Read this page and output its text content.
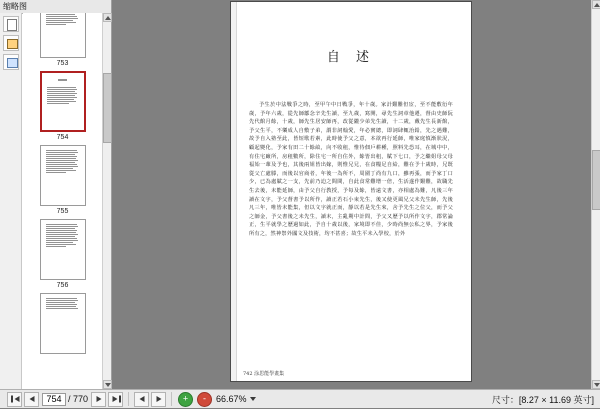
缩略图
753
754
755
756
自 述

予生於中法戰爭之時，至甲午中日戰爭，年十歲。家計艱難但宦，至不能敷衍年歲，予年六歲，從先師鄒念辛先生讀，至九歲，寫開，尋先生詞章他遷，督由史師阮先代館月餘，十歲，師先生居安師再，改從隴少弟先生讀，十二歲，戴先生長新館，予父生平，不樂成人自敷子弟，謂非詞翰愛，年必實總，即詞肆輒治鉛，先之遇難，故予自入塾至此，皆短歌若素，此時使予父之意，本欲再行延師，唯家庭慎渐狀況，顧起變化，予家有田二十餘畝，向不收租，惟待佃戶耕種，照料先恐耳，在城中中，有住宅廠所，房租數所，除住宅一所自住外，餘皆出租，賦下七口，予之繼姐母父母福始一輩及予也，其後兩姐皆出嫁，則惟兄兄，在食糧足自給，難在予十歲時，兄既從父亡處滕，而後以官商者，年後一為所不，周圍丁尚有九口，雖再張，而予家丁口少，已為處賦之一支，先前乃迫之間間，自此食常難增一倍，生活遂作艱難，故職先生去後，未能延師，由予父自行教授，予每及餘，皆遠文書，亦相處為難，凡後三年讀在文字，予父督書予以所作，讀正若石小束先生，後又使更風兄父未先生師，先後凡三年，唯皆未能集，但以文字就正而，靜以若是先生來，舍予先生之位父，而予父之師金，予父書後之未先生，讀末，主亂期中計問，予父又歷予以所作文字，郡常論正，生平就學之歷過如此，予自十歲以後，家境即不佳，少時尚無公私之界，予家後所有之，然神祭外國文及技術，均不甚喜；故生平未入學校，於外

742 涂思能學畫集
754
/ 770	+ - 66.67%	尺寸：[8.27 × 11.69 英寸]
